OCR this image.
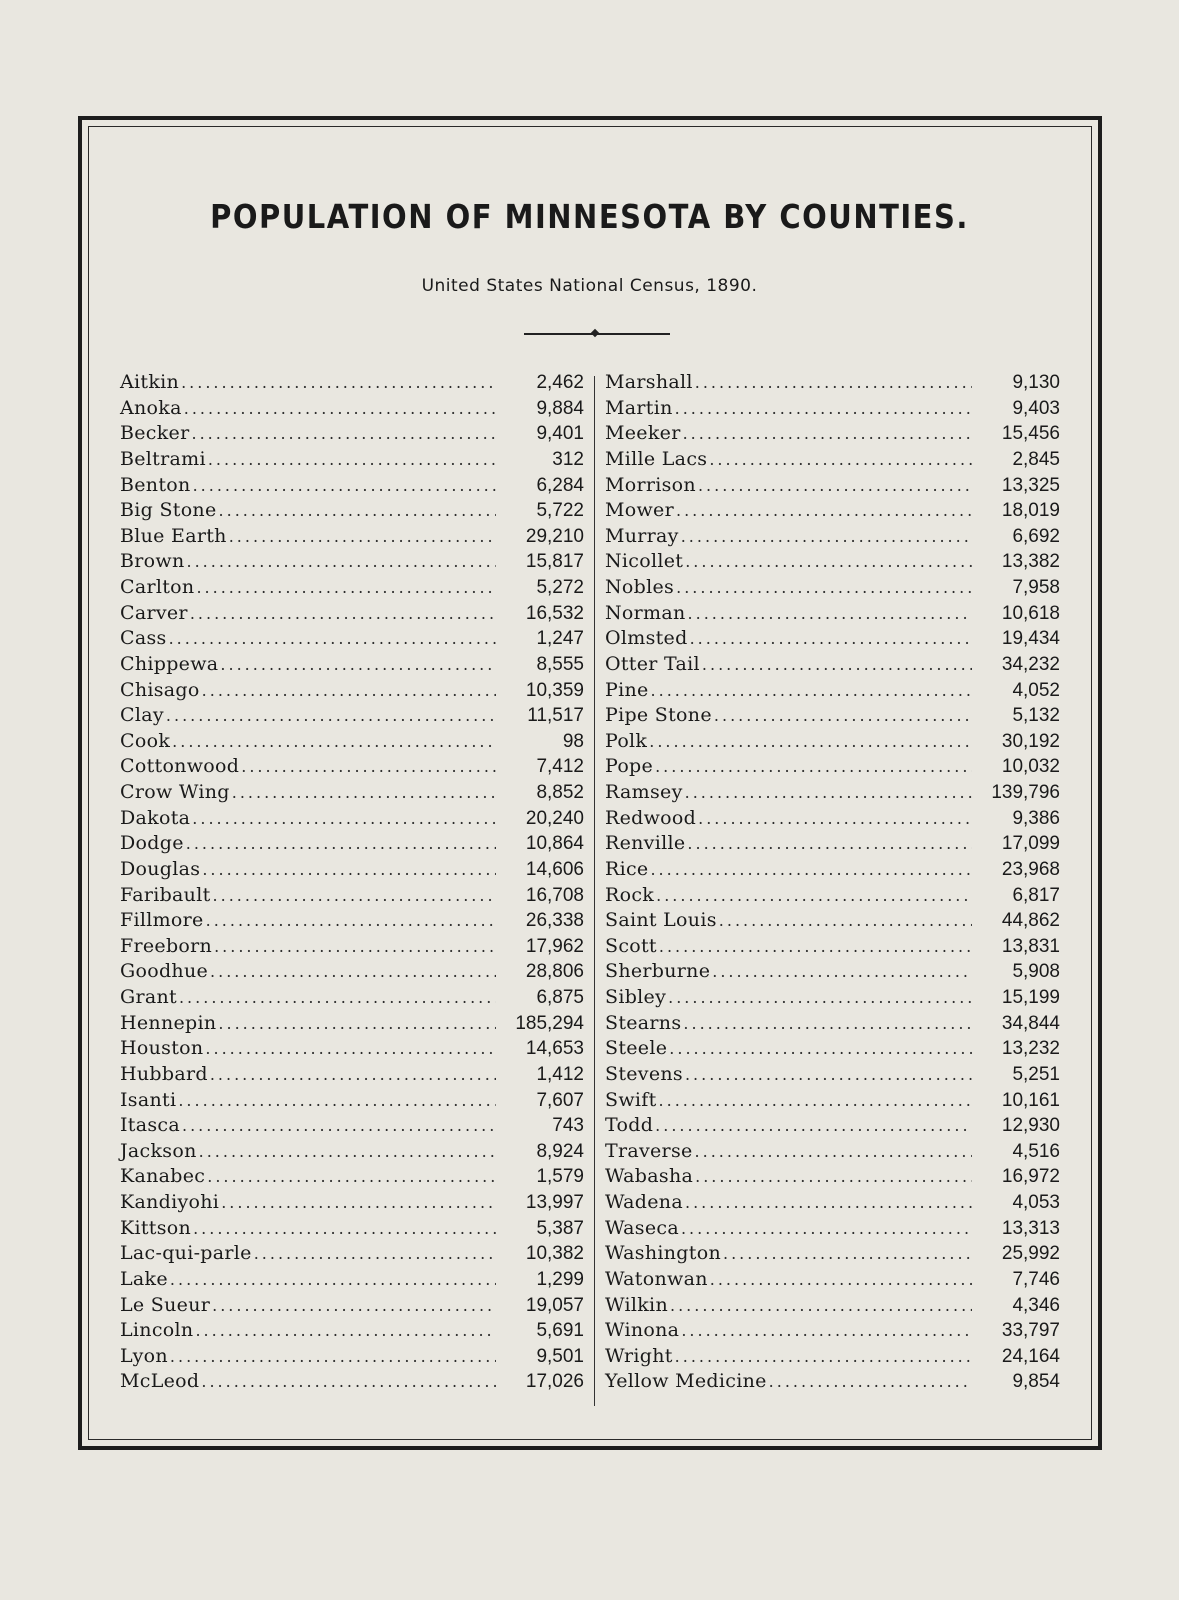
POPULATION OF MINNESOTA BY COUNTIES.
United States National Census, 1890.
Aitkin .....	2,462
Anoka .....	9,884
Becker .....	9,401
Beltrami .....	312
Benton .....	6,284
Big Stone .....	5,722
Blue Earth .....	29,210
Brown .....	15,817
Carlton .....	5,272
Carver .....	16,532
Cass .....	1,247
Chippewa .....	8,555
Chisago .....	10,359
Clay .....	11,517
Cook .....	98
Cottonwood .....	7,412
Crow Wing .....	8,852
Dakota .....	20,240
Dodge .....	10,864
Douglas .....	14,606
Faribault .....	16,708
Fillmore .....	26,338
Freeborn .....	17,962
Goodhue .....	28,806
Grant .....	6,875
Hennepin .....	185,294
Houston .....	14,653
Hubbard .....	1,412
Isanti .....	7,607
Itasca .....	743
Jackson .....	8,924
Kanabec .....	1,579
Kandiyohi .....	13,997
Kittson .....	5,387
Lac-qui-parle .....	10,382
Lake .....	1,299
Le Sueur .....	19,057
Lincoln .....	5,691
Lyon .....	9,501
McLeod .....	17,026
Marshall .....	9,130
Martin .....	9,403
Meeker .....	15,456
Mille Lacs .....	2,845
Morrison .....	13,325
Mower .....	18,019
Murray .....	6,692
Nicollet .....	13,382
Nobles .....	7,958
Norman .....	10,618
Olmsted .....	19,434
Otter Tail .....	34,232
Pine .....	4,052
Pipe Stone .....	5,132
Polk .....	30,192
Pope .....	10,032
Ramsey .....	139,796
Redwood .....	9,386
Renville .....	17,099
Rice .....	23,968
Rock .....	6,817
Saint Louis .....	44,862
Scott .....	13,831
Sherburne .....	5,908
Sibley .....	15,199
Stearns .....	34,844
Steele .....	13,232
Stevens .....	5,251
Swift .....	10,161
Todd .....	12,930
Traverse .....	4,516
Wabasha .....	16,972
Wadena .....	4,053
Waseca .....	13,313
Washington .....	25,992
Watonwan .....	7,746
Wilkin .....	4,346
Winona .....	33,797
Wright .....	24,164
Yellow Medicine .....	9,854
